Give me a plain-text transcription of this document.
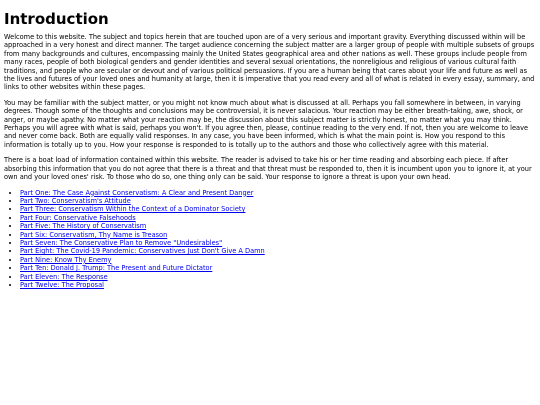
Introduction

Welcome to this website. The subject and topics herein that are touched upon are of a very serious and important gravity. Everything discussed within will be approached in a very honest and direct manner. The target audience concerning the subject matter are a larger group of people with multiple subsets of groups from many backgrounds and cultures, encompassing mainly the United States geographical area and other nations as well. These groups include people from many races, people of both biological genders and gender identities and several sexual orientations, the nonreligious and religious of various cultural faith traditions, and people who are secular or devout and of various political persuasions. If you are a human being that cares about your life and future as well as the lives and futures of your loved ones and humanity at large, then it is imperative that you read every and all of what is related in every essay, summary, and links to other websites within these pages.

You may be familiar with the subject matter, or you might not know much about what is discussed at all. Perhaps you fall somewhere in between, in varying degrees. Though some of the thoughts and conclusions may be controversial, it is never salacious. Your reaction may be either breath-taking, awe, shock, or anger, or maybe apathy. No matter what your reaction may be, the discussion about this subject matter is strictly honest, no matter what you may think. Perhaps you will agree with what is said, perhaps you won't. If you agree then, please, continue reading to the very end. If not, then you are welcome to leave and never come back. Both are equally valid responses. In any case, you have been informed, which is what the main point is. How you respond to this information is totally up to you. How your response is responded to is totally up to the authors and those who collectively agree with this material.

There is a boat load of information contained within this website. The reader is advised to take his or her time reading and absorbing each piece. If after absorbing this information that you do not agree that there is a threat and that threat must be responded to, then it is incumbent upon you to ignore it, at your own and your loved ones' risk. To those who do so, one thing only can be said. Your response to ignore a threat is upon your own head.

• Part One: The Case Against Conservatism: A Clear and Present Danger
• Part Two: Conservatism's Attitude
• Part Three: Conservatism Within the Context of a Dominator Society
• Part Four: Conservative Falsehoods
• Part Five: The History of Conservatism
• Part Six: Conservatism, Thy Name is Treason
• Part Seven: The Conservative Plan to Remove "Undesirables"
• Part Eight: The Covid-19 Pandemic: Conservatives Just Don't Give A Damn
• Part Nine: Know Thy Enemy
• Part Ten: Donald J. Trump: The Present and Future Dictator
• Part Eleven: The Response
• Part Twelve: The Proposal
